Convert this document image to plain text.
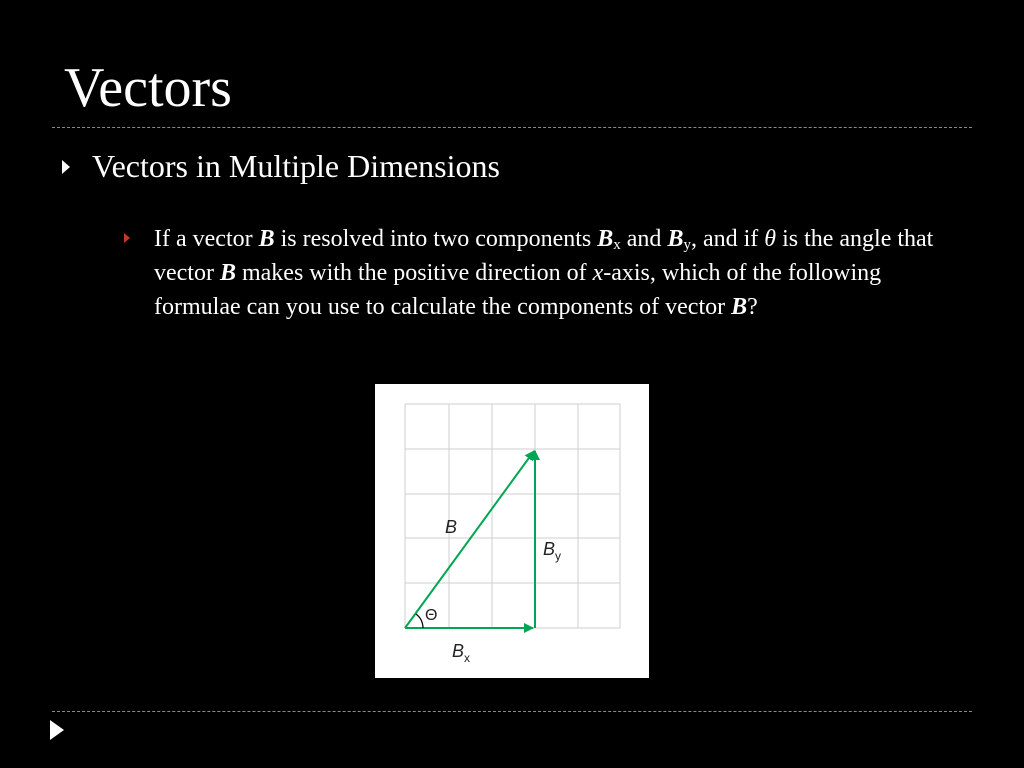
Vectors
Vectors in Multiple Dimensions
If a vector B is resolved into two components $B_x$ and $B_y$, and if θ is the angle that vector B makes with the positive direction of x-axis, which of the following formulae can you use to calculate the components of vector B?
Θ
B
$B_y$
$B_x$
